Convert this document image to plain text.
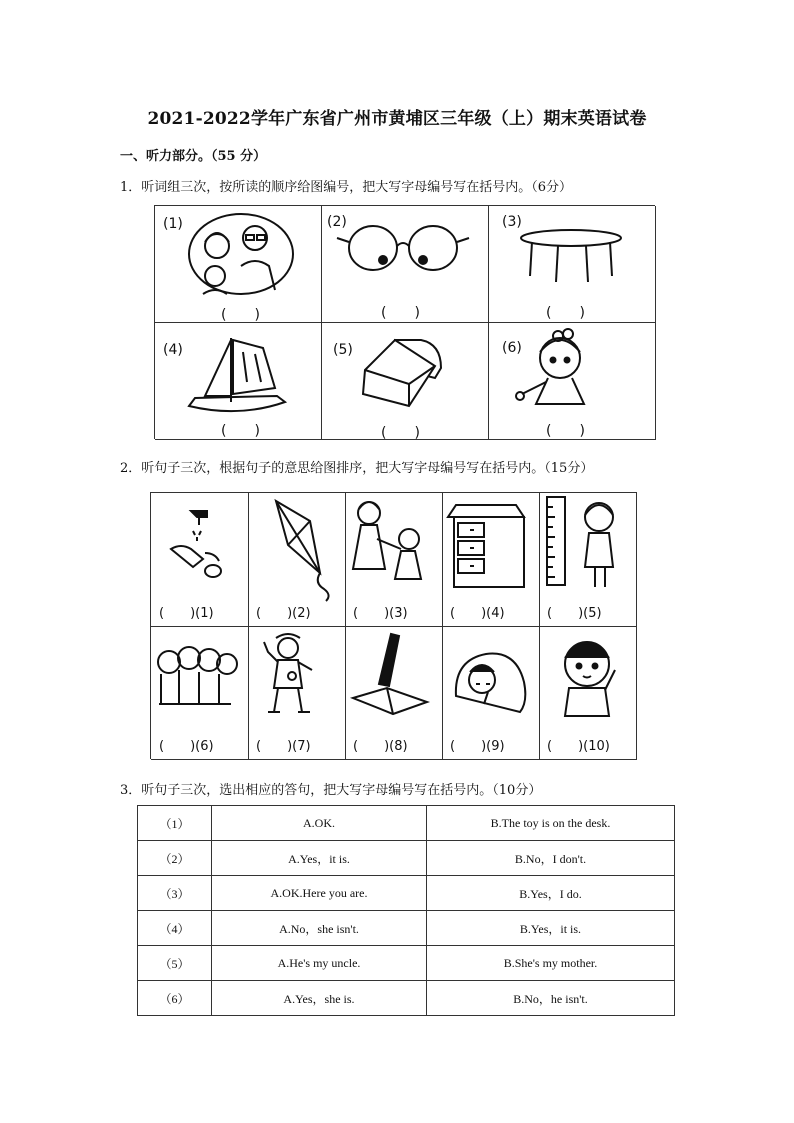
2021-2022学年广东省广州市黄埔区三年级（上）期末英语试卷
一、听力部分。（55 分）
1．听词组三次，按所读的顺序给图编号，把大写字母编号写在括号内。（6分）
(1)
(　　)
(2)
(　　)
(3)
(　　)
(4)
(　　)
(5)
(　　)
(6)
(　　)
2．听句子三次，根据句子的意思给图排序，把大写字母编号写在括号内。（15分）
(　　)(1)	(　　)(2)	(　　)(3)	(　　)(4)	(　　)(5)
(　　)(6)	(　　)(7)	(　　)(8)	(　　)(9)	(　　)(10)
3．听句子三次，选出相应的答句，把大写字母编号写在括号内。（10分）
（1）	A.OK.	B.The toy is on the desk.
（2）	A.Yes，it is.	B.No，I don't.
（3）	A.OK.Here you are.	B.Yes，I do.
（4）	A.No，she isn't.	B.Yes，it is.
（5）	A.He's my uncle.	B.She's my mother.
（6）	A.Yes，she is.	B.No，he isn't.
